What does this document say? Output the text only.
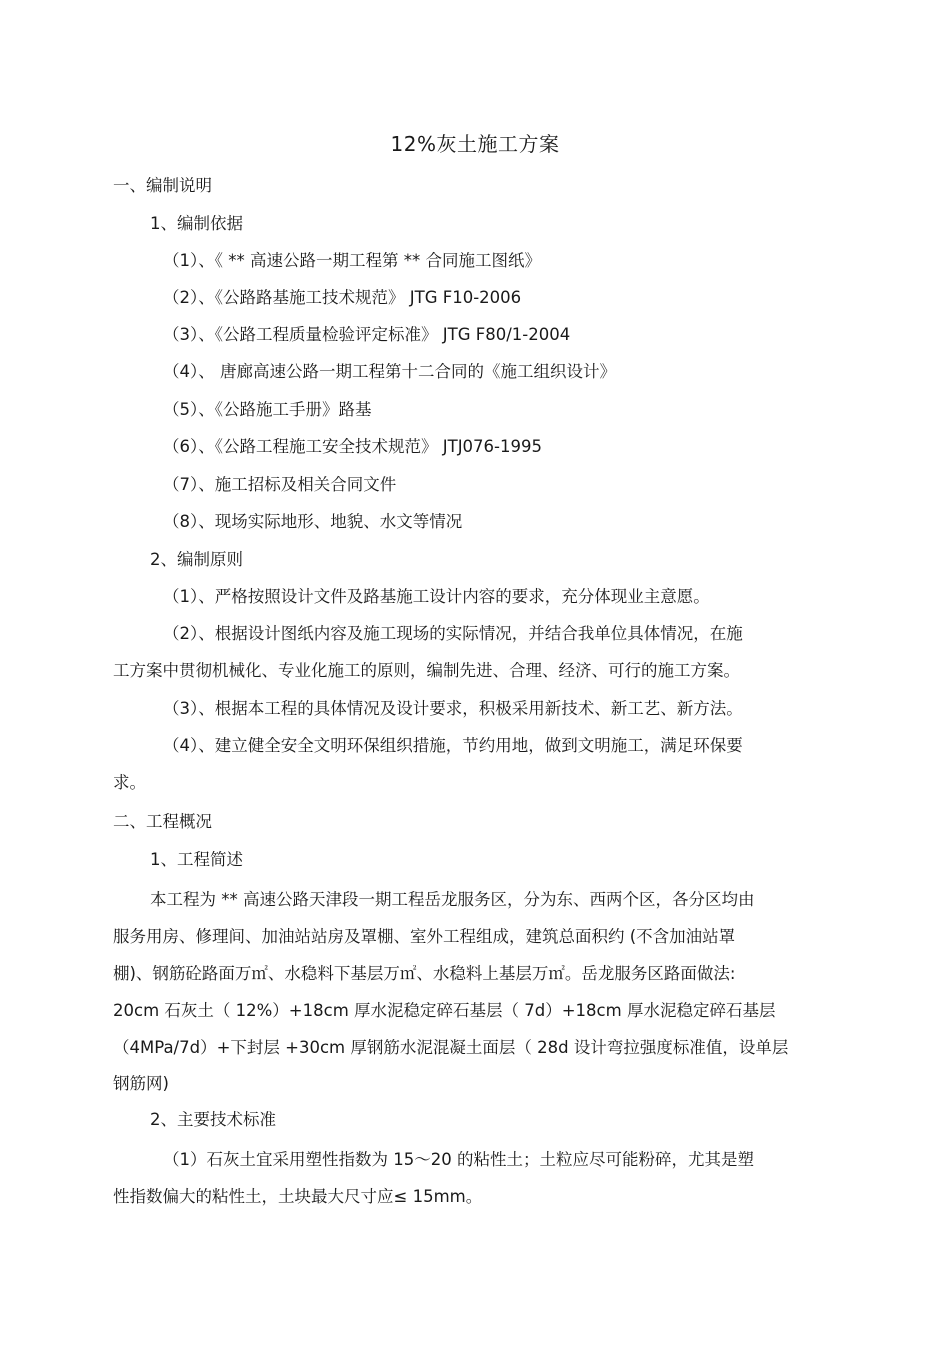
12%灰土施工方案
一、编制说明
1、编制依据
（1）、《 ** 高速公路一期工程第 ** 合同施工图纸》
（2）、《公路路基施工技术规范》 JTG F10-2006
（3）、《公路工程质量检验评定标准》 JTG F80/1-2004
（4）、 唐廊高速公路一期工程第十二合同的《施工组织设计》
（5）、《公路施工手册》路基
（6）、《公路工程施工安全技术规范》 JTJ076-1995
（7）、施工招标及相关合同文件
（8）、现场实际地形、地貌、水文等情况
2、编制原则
（1）、严格按照设计文件及路基施工设计内容的要求，充分体现业主意愿。
（2）、根据设计图纸内容及施工现场的实际情况，并结合我单位具体情况，在施
工方案中贯彻机械化、专业化施工的原则，编制先进、合理、经济、可行的施工方案。
（3）、根据本工程的具体情况及设计要求，积极采用新技术、新工艺、新方法。
（4）、建立健全安全文明环保组织措施，节约用地，做到文明施工，满足环保要
求。
二、工程概况
1、工程简述
本工程为 ** 高速公路天津段一期工程岳龙服务区，分为东、西两个区，各分区均由
服务用房、修理间、加油站站房及罩棚、室外工程组成，建筑总面积约 (不含加油站罩
棚)、钢筋砼路面万㎡、水稳料下基层万㎡、水稳料上基层万㎡。岳龙服务区路面做法:
20cm 石灰土（ 12%）+18cm 厚水泥稳定碎石基层（ 7d）+18cm 厚水泥稳定碎石基层
（4MPa/7d）+下封层 +30cm 厚钢筋水泥混凝土面层（ 28d 设计弯拉强度标准值，设单层
钢筋网)
2、主要技术标准
（1）石灰土宜采用塑性指数为 15～20 的粘性土；土粒应尽可能粉碎，尤其是塑
性指数偏大的粘性土，土块最大尺寸应≤ 15mm。
